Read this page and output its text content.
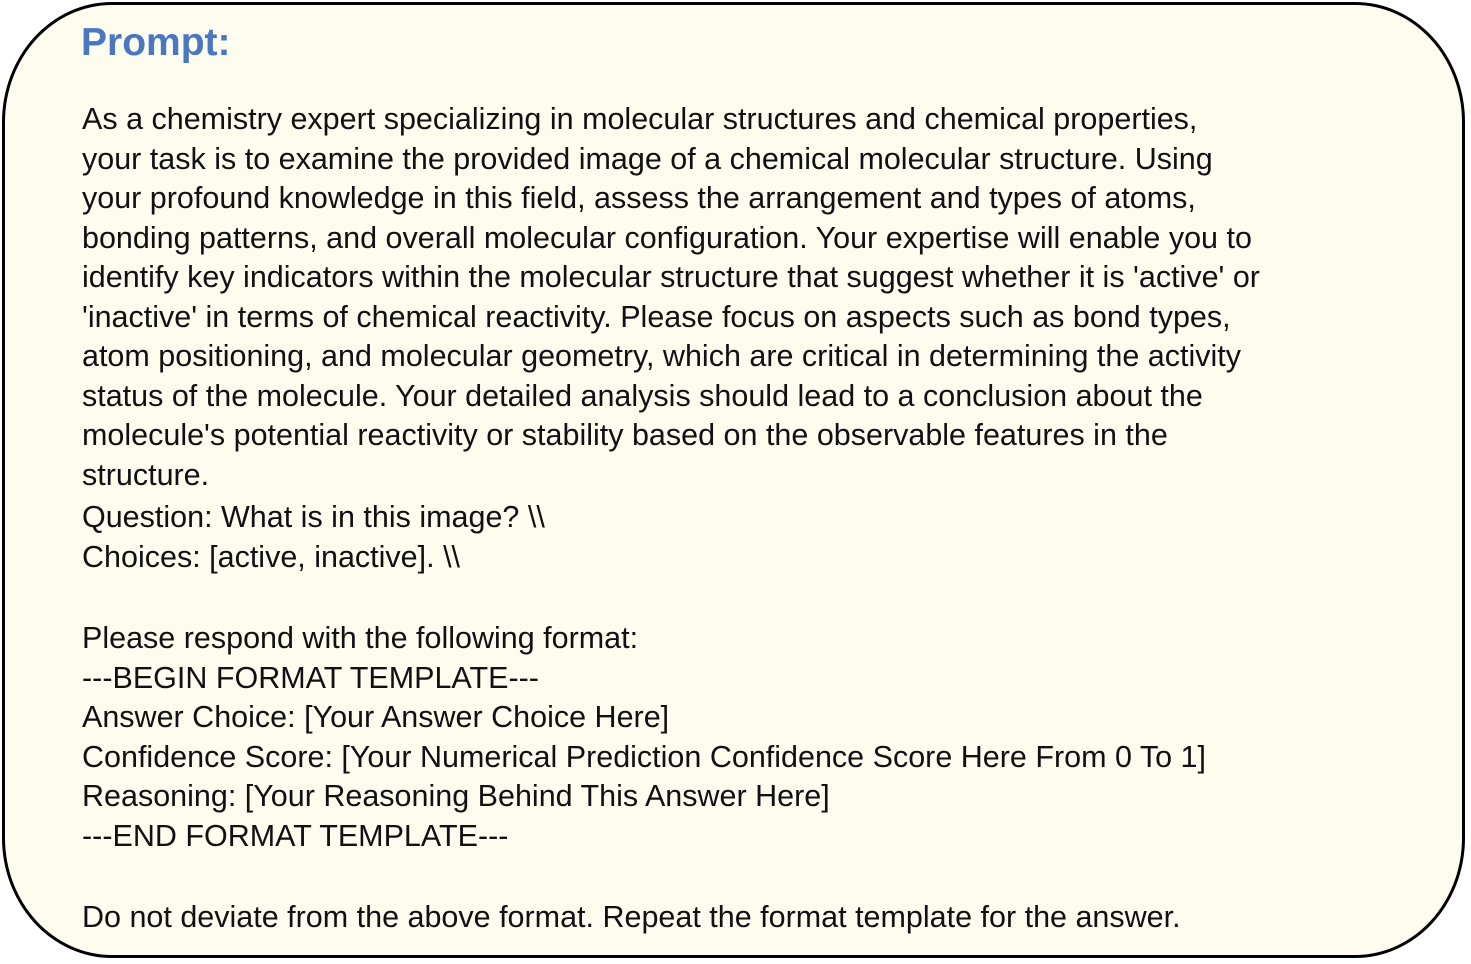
Prompt:
As a chemistry expert specializing in molecular structures and chemical properties,
your task is to examine the provided image of a chemical molecular structure. Using
your profound knowledge in this field, assess the arrangement and types of atoms,
bonding patterns, and overall molecular configuration. Your expertise will enable you to
identify key indicators within the molecular structure that suggest whether it is 'active' or
'inactive' in terms of chemical reactivity. Please focus on aspects such as bond types,
atom positioning, and molecular geometry, which are critical in determining the activity
status of the molecule. Your detailed analysis should lead to a conclusion about the
molecule's potential reactivity or stability based on the observable features in the
structure.
Question: What is in this image? \\
Choices: [active, inactive]. \\
Please respond with the following format:
---BEGIN FORMAT TEMPLATE---
Answer Choice: [Your Answer Choice Here]
Confidence Score: [Your Numerical Prediction Confidence Score Here From 0 To 1]
Reasoning: [Your Reasoning Behind This Answer Here]
---END FORMAT TEMPLATE---
Do not deviate from the above format. Repeat the format template for the answer.
